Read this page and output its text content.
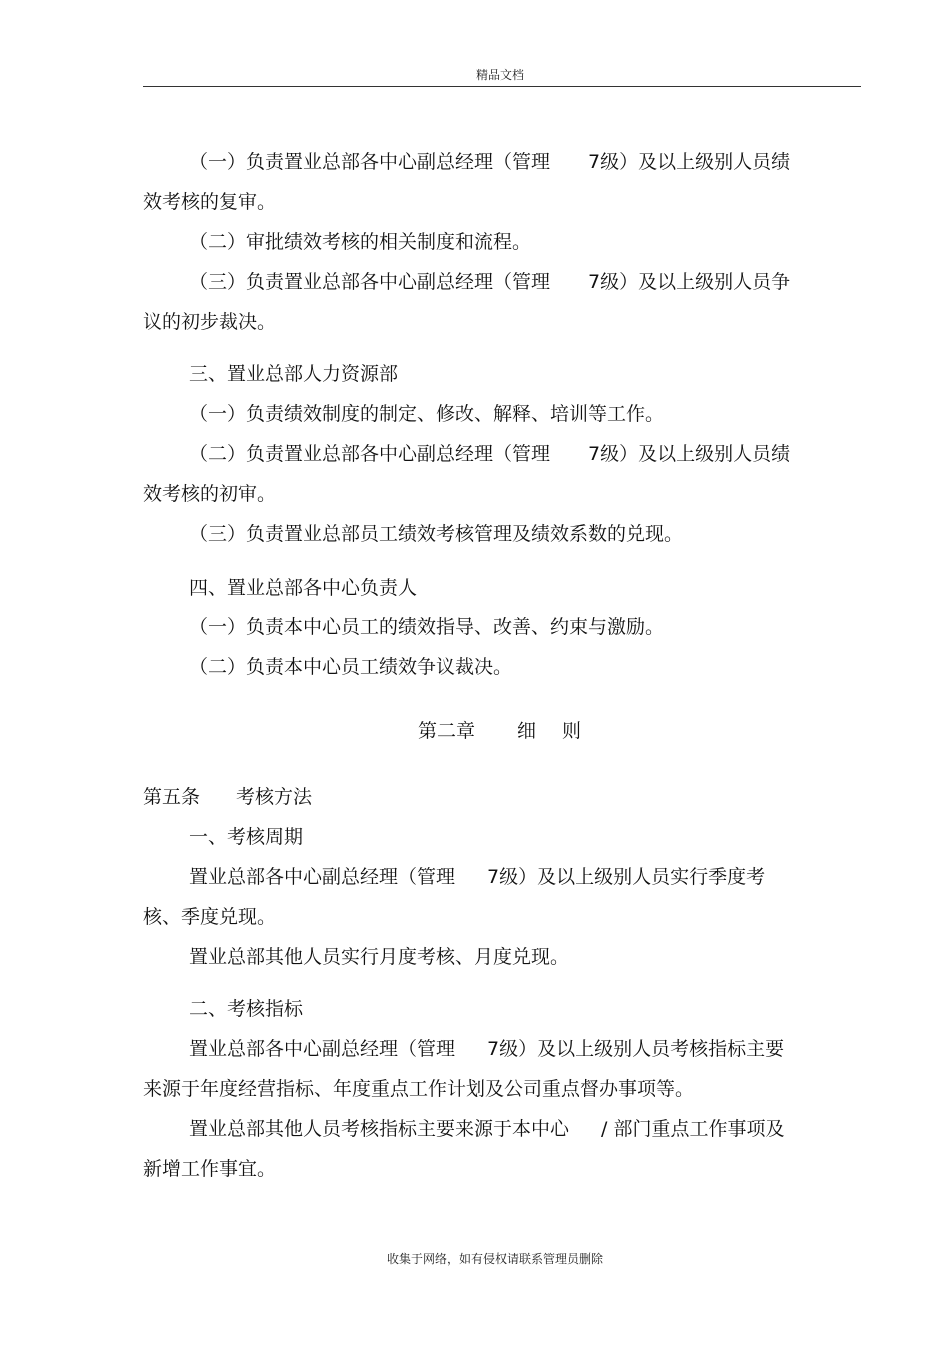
精品文档
（一）负责置业总部各中心副总经理（管理 7级）及以上级别人员绩
效考核的复审。
（二）审批绩效考核的相关制度和流程。
（三）负责置业总部各中心副总经理（管理 7级）及以上级别人员争
议的初步裁决。
三、置业总部人力资源部
（一）负责绩效制度的制定、修改、解释、培训等工作。
（二）负责置业总部各中心副总经理（管理 7级）及以上级别人员绩
效考核的初审。
（三）负责置业总部员工绩效考核管理及绩效系数的兑现。
四、置业总部各中心负责人
（一）负责本中心员工的绩效指导、改善、约束与激励。
（二）负责本中心员工绩效争议裁决。
第二章 细 则
第五条 考核方法
一、考核周期
置业总部各中心副总经理（管理 7级）及以上级别人员实行季度考
核、季度兑现。
置业总部其他人员实行月度考核、月度兑现。
二、考核指标
置业总部各中心副总经理（管理 7级）及以上级别人员考核指标主要
来源于年度经营指标、年度重点工作计划及公司重点督办事项等。
置业总部其他人员考核指标主要来源于本中心 / 部门重点工作事项及
新增工作事宜。
收集于网络，如有侵权请联系管理员删除
